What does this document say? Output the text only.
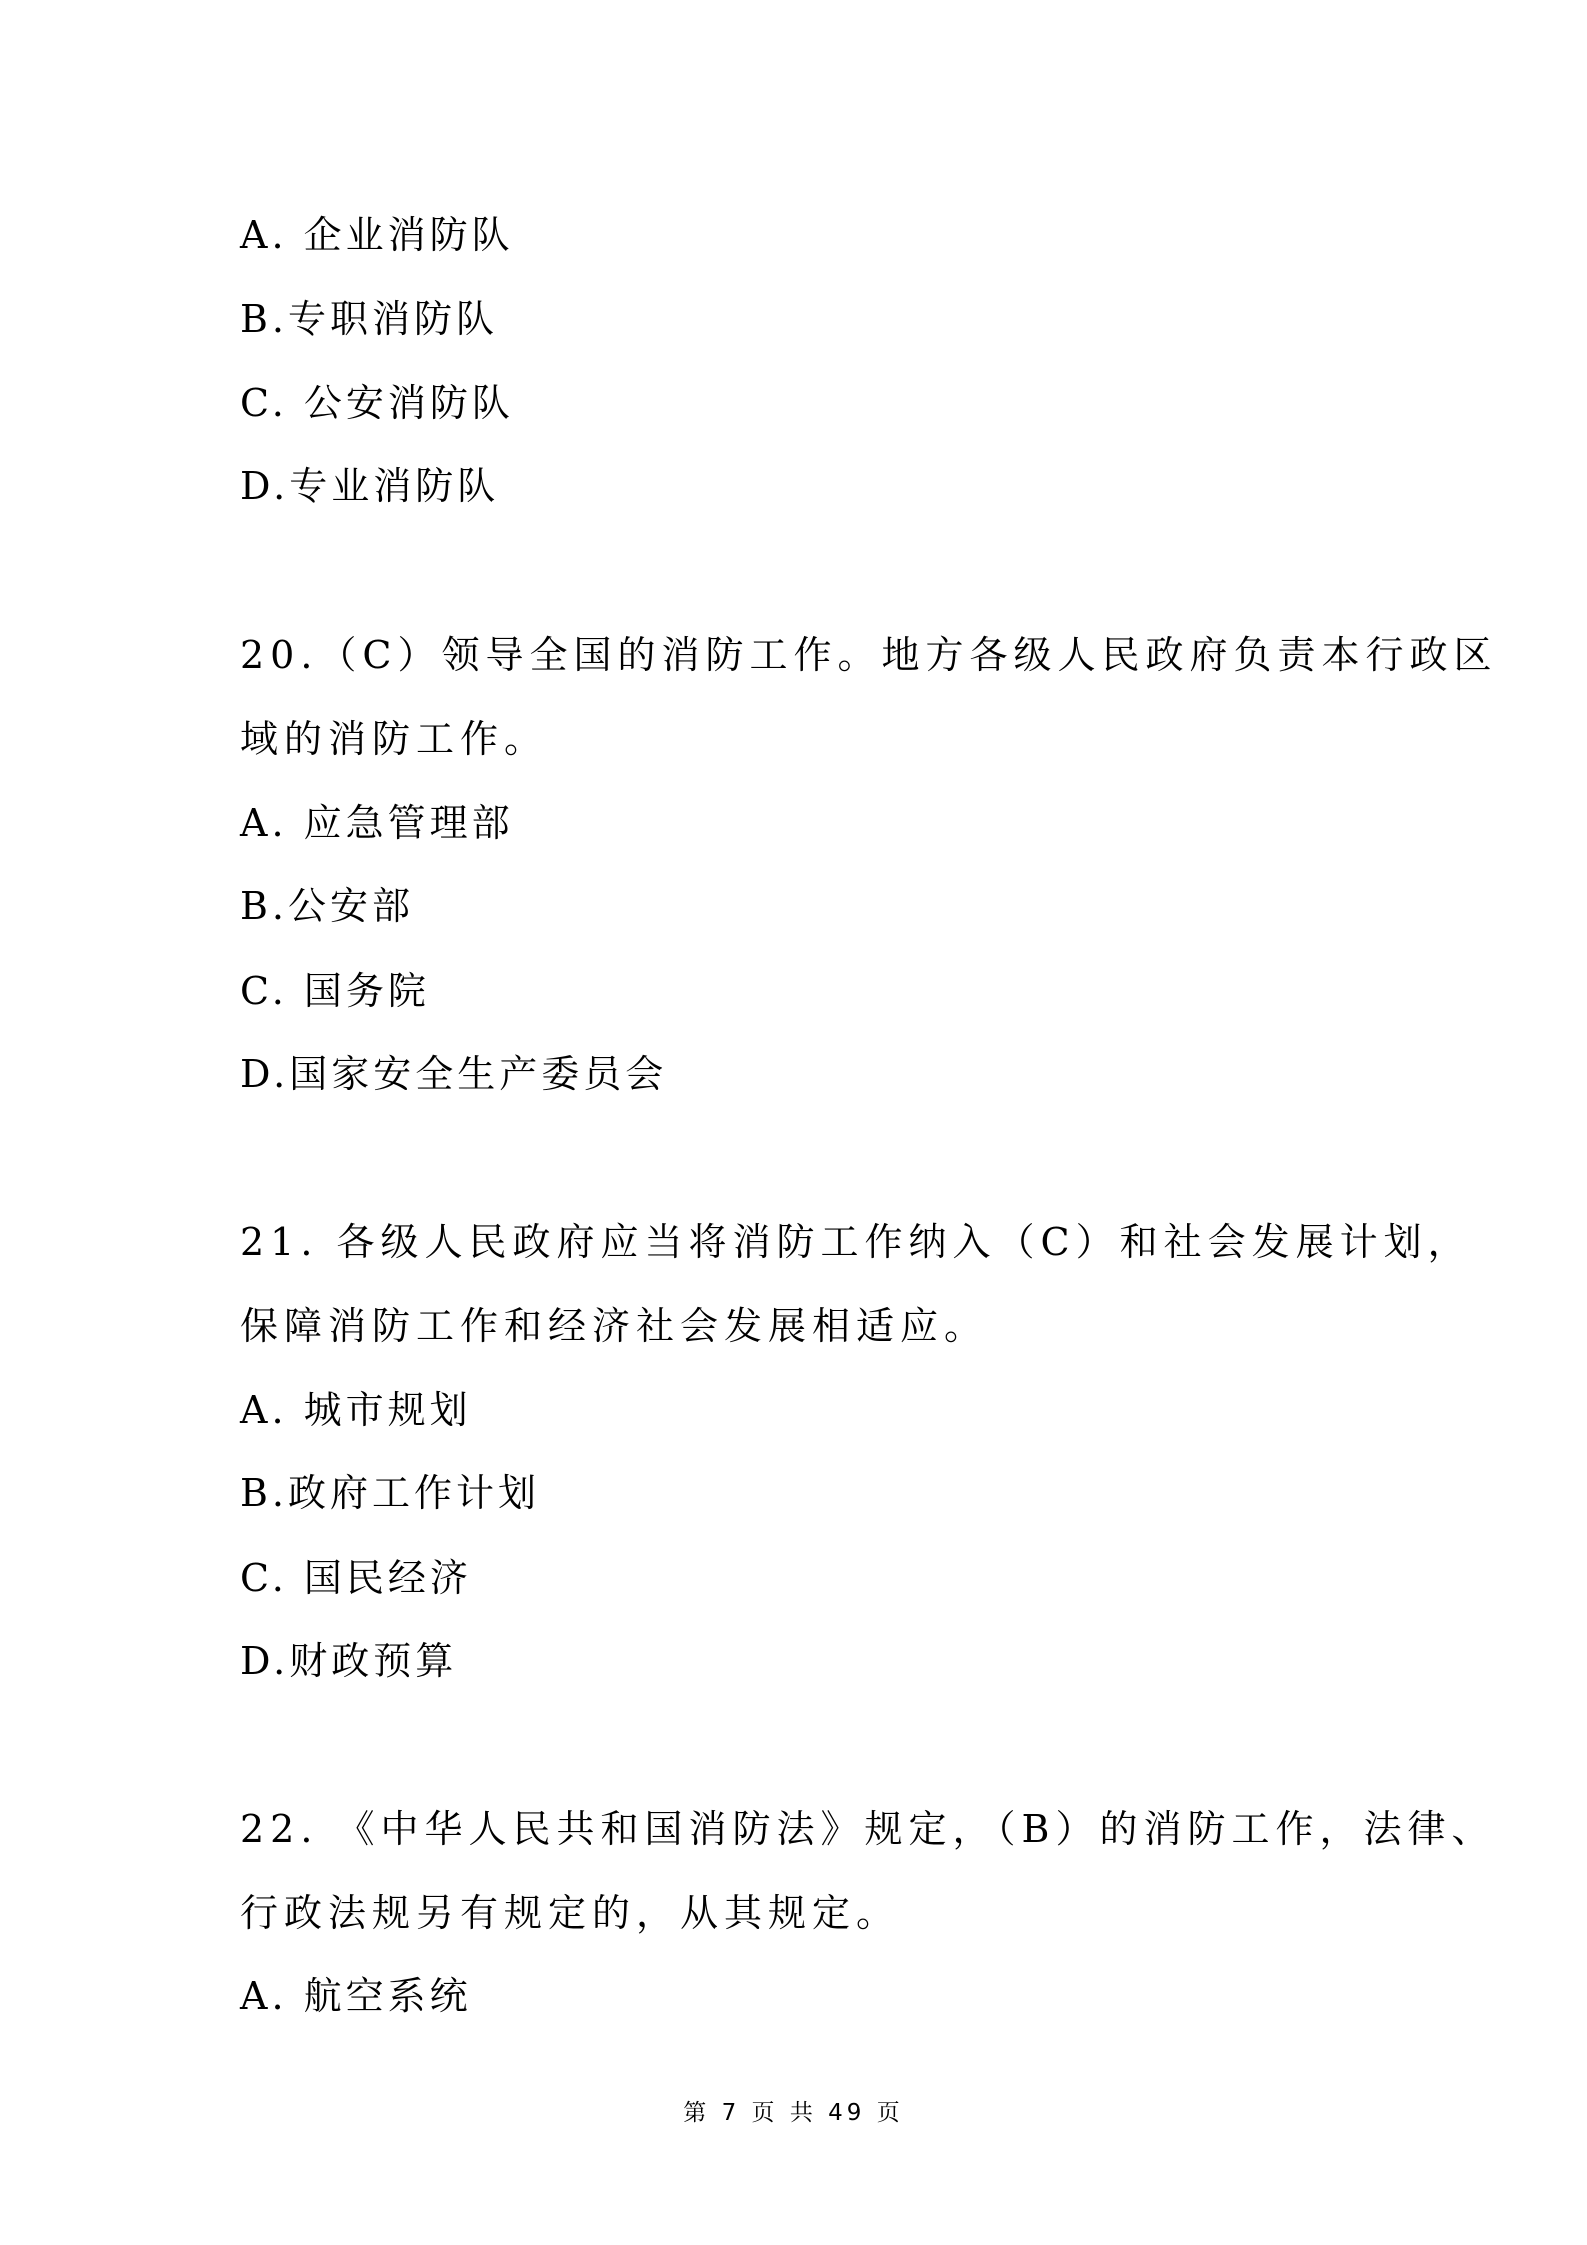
A. 企业消防队
B.专职消防队
C. 公安消防队
D.专业消防队
20.（C）领导全国的消防工作。地方各级人民政府负责本行政区
域的消防工作。
A. 应急管理部
B.公安部
C. 国务院
D.国家安全生产委员会
21. 各级人民政府应当将消防工作纳入（C）和社会发展计划，
保障消防工作和经济社会发展相适应。
A. 城市规划
B.政府工作计划
C. 国民经济
D.财政预算
22. 《中华人民共和国消防法》规定，（B）的消防工作，法律、
行政法规另有规定的，从其规定。
A. 航空系统
第 7 页 共 49 页
